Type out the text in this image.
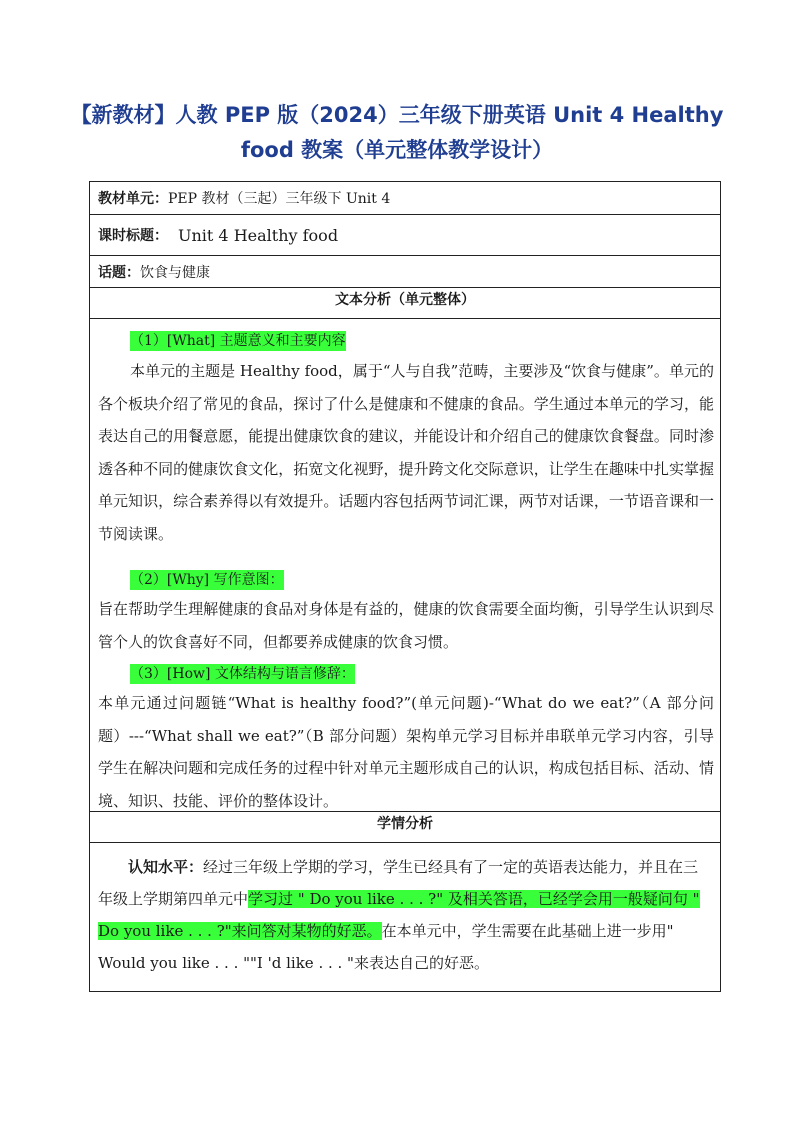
【新教材】人教 PEP 版（2024）三年级下册英语 Unit 4 Healthy
food 教案（单元整体教学设计）
教材单元： PEP 教材（三起）三年级下 Unit 4
课时标题： Unit 4 Healthy food
话题： 饮食与健康
文本分析（单元整体）
（1）[What] 主题意义和主要内容

本单元的主题是 Healthy food，属于“人与自我”范畴，主要涉及“饮食与健康”。单元的各个板块介绍了常见的食品，探讨了什么是健康和不健康的食品。学生通过本单元的学习，能表达自己的用餐意愿，能提出健康饮食的建议，并能设计和介绍自己的健康饮食餐盘。同时渗透各种不同的健康饮食文化，拓宽文化视野，提升跨文化交际意识，让学生在趣味中扎实掌握单元知识，综合素养得以有效提升。话题内容包括两节词汇课，两节对话课，一节语音课和一节阅读课。

（2）[Why] 写作意图：

旨在帮助学生理解健康的食品对身体是有益的，健康的饮食需要全面均衡，引导学生认识到尽管个人的饮食喜好不同，但都要养成健康的饮食习惯。

（3）[How] 文体结构与语言修辞：

本单元通过问题链“What is healthy food?”(单元问题)-“What do we eat?”（A 部分问题）---“What shall we eat?”（B 部分问题）架构单元学习目标并串联单元学习内容，引导学生在解决问题和完成任务的过程中针对单元主题形成自己的认识，构成包括目标、活动、情境、知识、技能、评价的整体设计。

学情分析

认知水平：经过三年级上学期的学习，学生已经具有了一定的英语表达能力，并且在三年级上学期第四单元中学习过 " Do you like . . . ?" 及相关答语，已经学会用一般疑问句 " Do you like . . . ?"来问答对某物的好恶。在本单元中，学生需要在此基础上进一步用" Would you like . . . ""I 'd like . . . "来表达自己的好恶。
